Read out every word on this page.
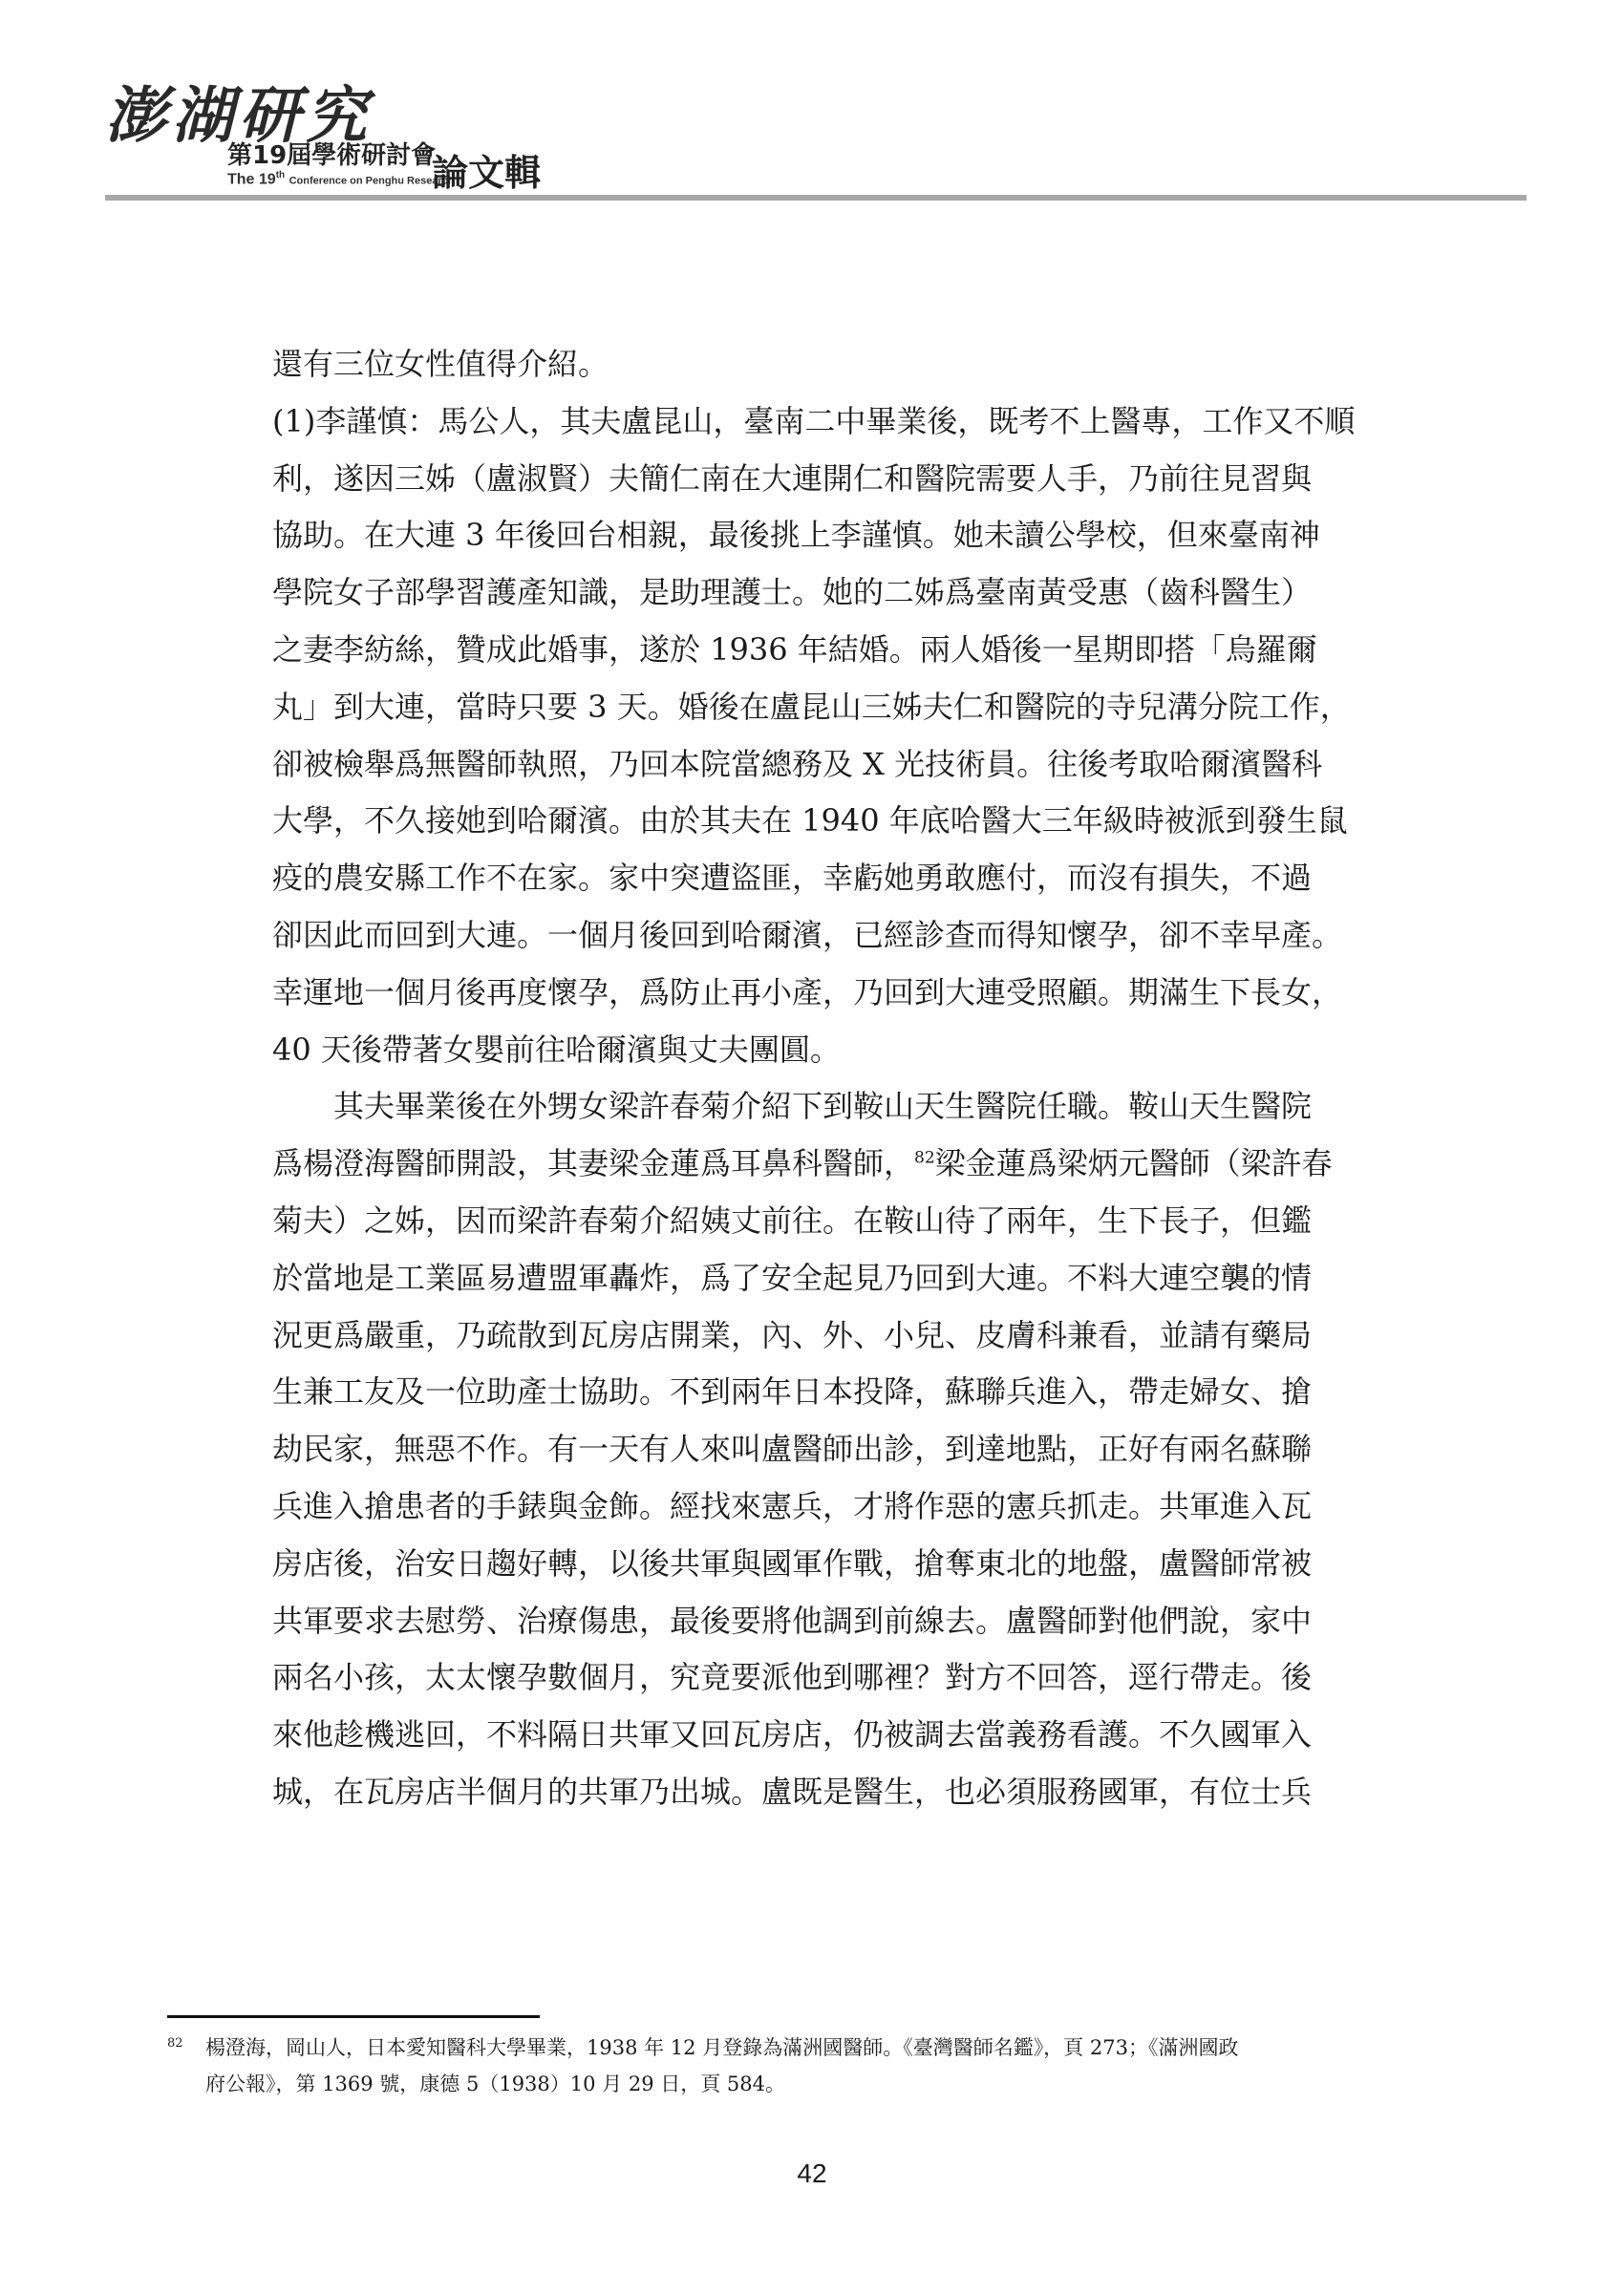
澎湖研究
第19屆學術研討會
The 19th Conference on Penghu Research
論文輯
還有三位女性值得介紹。
(1)李謹慎：馬公人，其夫盧昆山，臺南二中畢業後，既考不上醫專，工作又不順
利，遂因三姊（盧淑賢）夫簡仁南在大連開仁和醫院需要人手，乃前往見習與
協助。在大連 3 年後回台相親，最後挑上李謹慎。她未讀公學校，但來臺南神
學院女子部學習護產知識，是助理護士。她的二姊爲臺南黃受惠（齒科醫生）
之妻李紡絲，贊成此婚事，遂於 1936 年結婚。兩人婚後一星期即搭「烏羅爾
丸」到大連，當時只要 3 天。婚後在盧昆山三姊夫仁和醫院的寺兒溝分院工作，
卻被檢舉爲無醫師執照，乃回本院當總務及 X 光技術員。往後考取哈爾濱醫科
大學，不久接她到哈爾濱。由於其夫在 1940 年底哈醫大三年級時被派到發生鼠
疫的農安縣工作不在家。家中突遭盜匪，幸虧她勇敢應付，而沒有損失，不過
卻因此而回到大連。一個月後回到哈爾濱，已經診查而得知懷孕，卻不幸早產。
幸運地一個月後再度懷孕，爲防止再小產，乃回到大連受照顧。期滿生下長女，
40 天後帶著女嬰前往哈爾濱與丈夫團圓。
　　其夫畢業後在外甥女梁許春菊介紹下到鞍山天生醫院任職。鞍山天生醫院
爲楊澄海醫師開設，其妻梁金蓮爲耳鼻科醫師，$^{82}$梁金蓮爲梁炳元醫師（梁許春
菊夫）之姊，因而梁許春菊介紹姨丈前往。在鞍山待了兩年，生下長子，但鑑
於當地是工業區易遭盟軍轟炸，爲了安全起見乃回到大連。不料大連空襲的情
況更爲嚴重，乃疏散到瓦房店開業，內、外、小兒、皮膚科兼看，並請有藥局
生兼工友及一位助產士協助。不到兩年日本投降，蘇聯兵進入，帶走婦女、搶
劫民家，無惡不作。有一天有人來叫盧醫師出診，到達地點，正好有兩名蘇聯
兵進入搶患者的手錶與金飾。經找來憲兵，才將作惡的憲兵抓走。共軍進入瓦
房店後，治安日趨好轉，以後共軍與國軍作戰，搶奪東北的地盤，盧醫師常被
共軍要求去慰勞、治療傷患，最後要將他調到前線去。盧醫師對他們說，家中
兩名小孩，太太懷孕數個月，究竟要派他到哪裡？對方不回答，逕行帶走。後
來他趁機逃回，不料隔日共軍又回瓦房店，仍被調去當義務看護。不久國軍入
城，在瓦房店半個月的共軍乃出城。盧既是醫生，也必須服務國軍，有位士兵
82 楊澄海，岡山人，日本愛知醫科大學畢業，1938 年 12 月登錄為滿洲國醫師。《臺灣醫師名鑑》，頁 273；《滿洲國政
府公報》，第 1369 號，康德 5（1938）10 月 29 日，頁 584。
42
